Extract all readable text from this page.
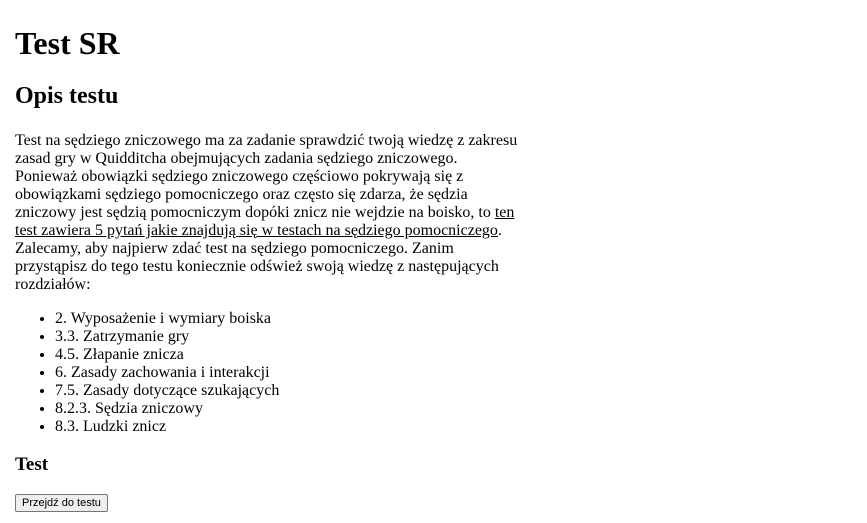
Test SR
Opis testu

Test na sędziego zniczowego ma za zadanie sprawdzić twoją wiedzę z zakresu zasad gry w Quidditcha obejmujących zadania sędziego zniczowego. Ponieważ obowiązki sędziego zniczowego częściowo pokrywają się z obowiązkami sędziego pomocniczego oraz często się zdarza, że sędzia zniczowy jest sędzią pomocniczym dopóki znicz nie wejdzie na boisko, to ten test zawiera 5 pytań jakie znajdują się w testach na sędziego pomocniczego. Zalecamy, aby najpierw zdać test na sędziego pomocniczego. Zanim przystąpisz do tego testu koniecznie odśwież swoją wiedzę z następujących rozdziałów:

• 2. Wyposażenie i wymiary boiska
• 3.3. Zatrzymanie gry
• 4.5. Złapanie znicza
• 6. Zasady zachowania i interakcji
• 7.5. Zasady dotyczące szukających
• 8.2.3. Sędzia zniczowy
• 8.3. Ludzki znicz
Test
Przejdź do testu
